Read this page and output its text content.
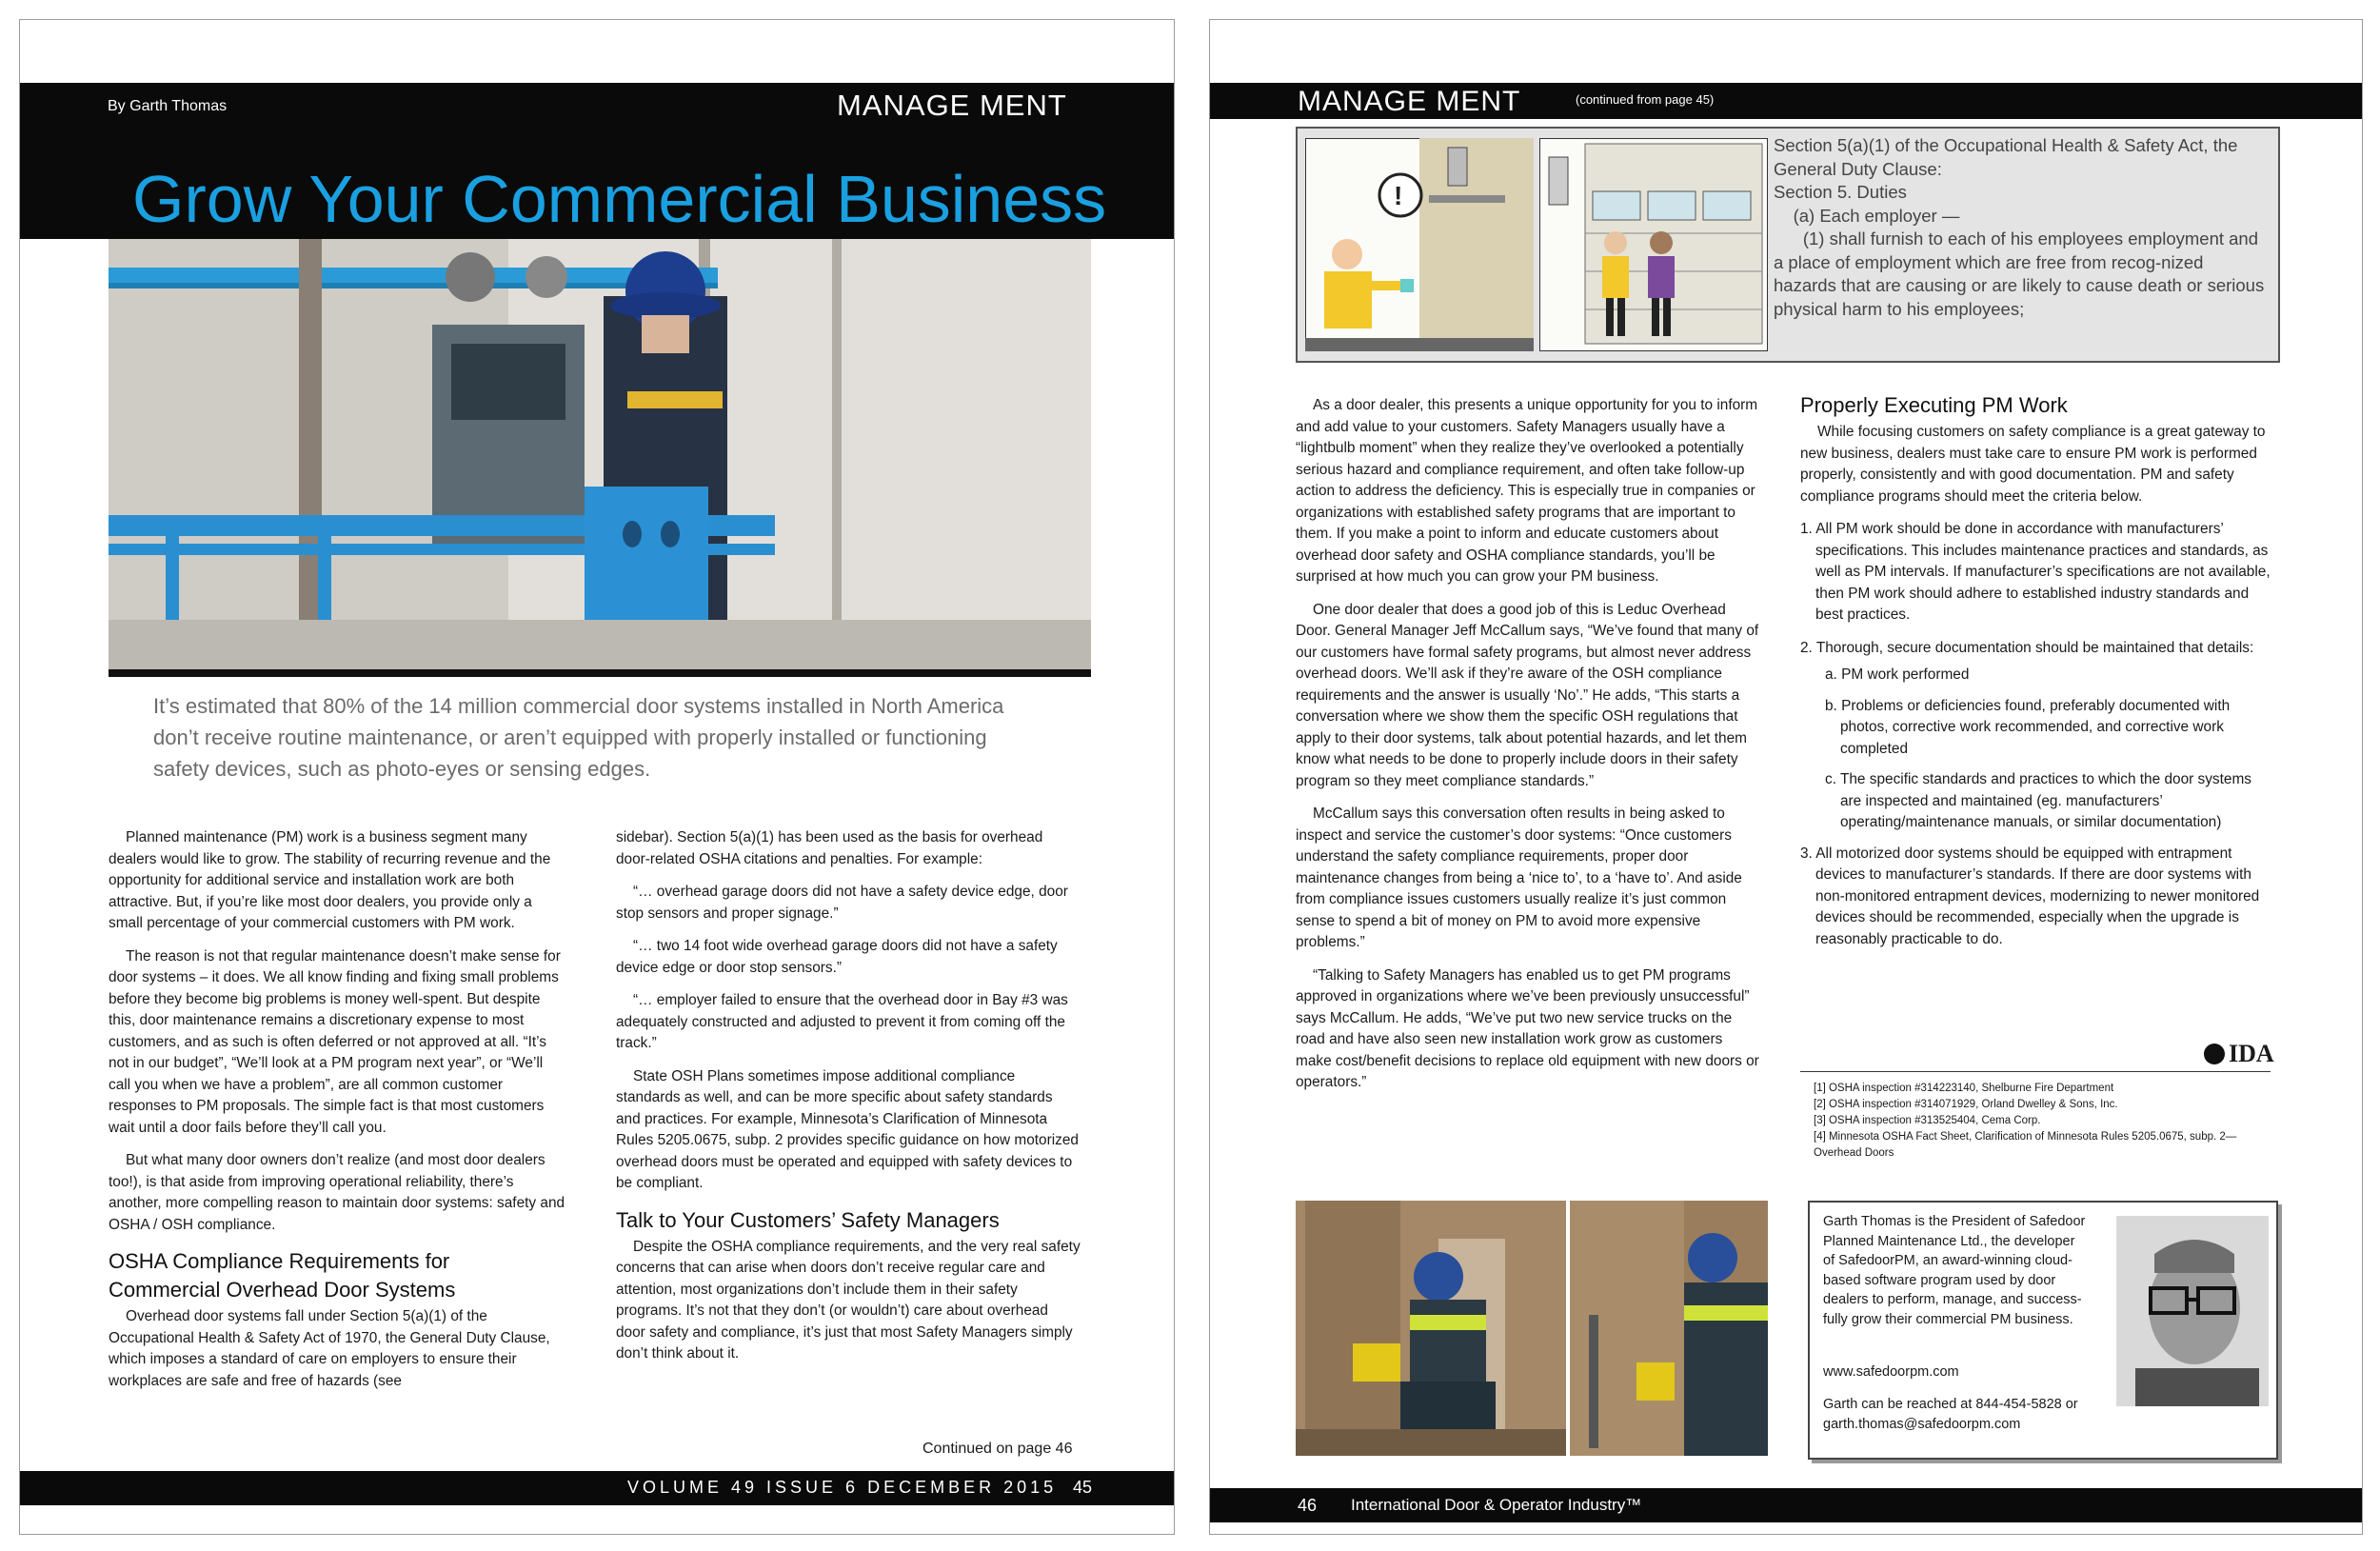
By Garth Thomas	MANAGE MENT
Grow Your Commercial Business
It’s estimated that 80% of the 14 million commercial door systems installed in North America don’t receive routine maintenance, or aren’t equipped with properly installed or functioning safety devices, such as photo-eyes or sensing edges.

Planned maintenance (PM) work is a business segment many dealers would like to grow. The stability of recurring revenue and the opportunity for additional service and installation work are both attractive. But, if you’re like most door dealers, you provide only a small percentage of your commercial customers with PM work.

The reason is not that regular maintenance doesn’t make sense for door systems – it does. We all know finding and fixing small problems before they become big problems is money well-spent. But despite this, door maintenance remains a discretionary expense to most customers, and as such is often deferred or not approved at all. “It’s not in our budget”, “We’ll look at a PM program next year”, or “We’ll call you when we have a problem”, are all common customer responses to PM proposals. The simple fact is that most customers wait until a door fails before they’ll call you.

But what many door owners don’t realize (and most door dealers too!), is that aside from improving operational reliability, there’s another, more compelling reason to maintain door systems: safety and OSHA / OSH compliance.

OSHA Compliance Requirements for Commercial Overhead Door Systems

Overhead door systems fall under Section 5(a)(1) of the Occupational Health & Safety Act of 1970, the General Duty Clause, which imposes a standard of care on employers to ensure their workplaces are safe and free of hazards (see

sidebar). Section 5(a)(1) has been used as the basis for overhead door-related OSHA citations and penalties. For example:

“… overhead garage doors did not have a safety device edge, door stop sensors and proper signage.”

“… two 14 foot wide overhead garage doors did not have a safety device edge or door stop sensors.”

“… employer failed to ensure that the overhead door in Bay #3 was adequately constructed and adjusted to prevent it from coming off the track.”

State OSH Plans sometimes impose additional compliance standards as well, and can be more specific about safety standards and practices. For example, Minnesota’s Clarification of Minnesota Rules 5205.0675, subp. 2 provides specific guidance on how motorized overhead doors must be operated and equipped with safety devices to be compliant.

Talk to Your Customers’ Safety Managers

Despite the OSHA compliance requirements, and the very real safety concerns that can arise when doors don’t receive regular care and attention, most organizations don’t include them in their safety programs. It’s not that they don’t (or wouldn’t) care about overhead door safety and compliance, it’s just that most Safety Managers simply don’t think about it.

Continued on page 46
VOLUME 49 ISSUE 6 DECEMBER 2015 45
MANAGE MENT	(continued from page 45)
!
Section 5(a)(1) of the Occupational Health & Safety Act, the General Duty Clause:
Section 5. Duties
(a) Each employer —
(1) shall furnish to each of his employees employment and a place of employment which are free from recog-nized hazards that are causing or are likely to cause death or serious physical harm to his employees;

As a door dealer, this presents a unique opportunity for you to inform and add value to your customers. Safety Managers usually have a “lightbulb moment” when they realize they’ve overlooked a potentially serious hazard and compliance requirement, and often take follow-up action to address the deficiency. This is especially true in companies or organizations with established safety programs that are important to them. If you make a point to inform and educate customers about overhead door safety and OSHA compliance standards, you’ll be surprised at how much you can grow your PM business.

One door dealer that does a good job of this is Leduc Overhead Door. General Manager Jeff McCallum says, “We’ve found that many of our customers have formal safety programs, but almost never address overhead doors. We’ll ask if they’re aware of the OSH compliance requirements and the answer is usually ‘No’.” He adds, “This starts a conversation where we show them the specific OSH regulations that apply to their door systems, talk about potential hazards, and let them know what needs to be done to properly include doors in their safety program so they meet compliance standards.”

McCallum says this conversation often results in being asked to inspect and service the customer’s door systems: “Once customers understand the safety compliance requirements, proper door maintenance changes from being a ‘nice to’, to a ‘have to’. And aside from compliance issues customers usually realize it’s just common sense to spend a bit of money on PM to avoid more expensive problems.”

“Talking to Safety Managers has enabled us to get PM programs approved in organizations where we’ve been previously unsuccessful” says McCallum. He adds, “We’ve put two new service trucks on the road and have also seen new installation work grow as customers make cost/benefit decisions to replace old equipment with new doors or operators.”

Properly Executing PM Work

While focusing customers on safety compliance is a great gateway to new business, dealers must take care to ensure PM work is performed properly, consistently and with good documentation. PM and safety compliance programs should meet the criteria below.

1. All PM work should be done in accordance with manufacturers’ specifications. This includes maintenance practices and standards, as well as PM intervals. If manufacturer’s specifications are not available, then PM work should adhere to established industry standards and best practices.

2. Thorough, secure documentation should be maintained that details:

a. PM work performed

b. Problems or deficiencies found, preferably documented with photos, corrective work recommended, and corrective work completed

c. The specific standards and practices to which the door systems are inspected and maintained (eg. manufacturers’ operating/maintenance manuals, or similar documentation)

3. All motorized door systems should be equipped with entrapment devices to manufacturer’s standards. If there are door systems with non-monitored entrapment devices, modernizing to newer monitored devices should be recommended, especially when the upgrade is reasonably practicable to do.

IDA

[1] OSHA inspection #314223140, Shelburne Fire Department

[2] OSHA inspection #314071929, Orland Dwelley & Sons, Inc.

[3] OSHA inspection #313525404, Cema Corp.

[4] Minnesota OSHA Fact Sheet, Clarification of Minnesota Rules 5205.0675, subp. 2—Overhead Doors

Garth Thomas is the President of Safedoor Planned Maintenance Ltd., the developer of SafedoorPM, an award-winning cloud-based software program used by door dealers to perform, manage, and success-fully grow their commercial PM business.

www.safedoorpm.com

Garth can be reached at 844-454-5828 or garth.thomas@safedoorpm.com

46 International Door & Operator Industry™
